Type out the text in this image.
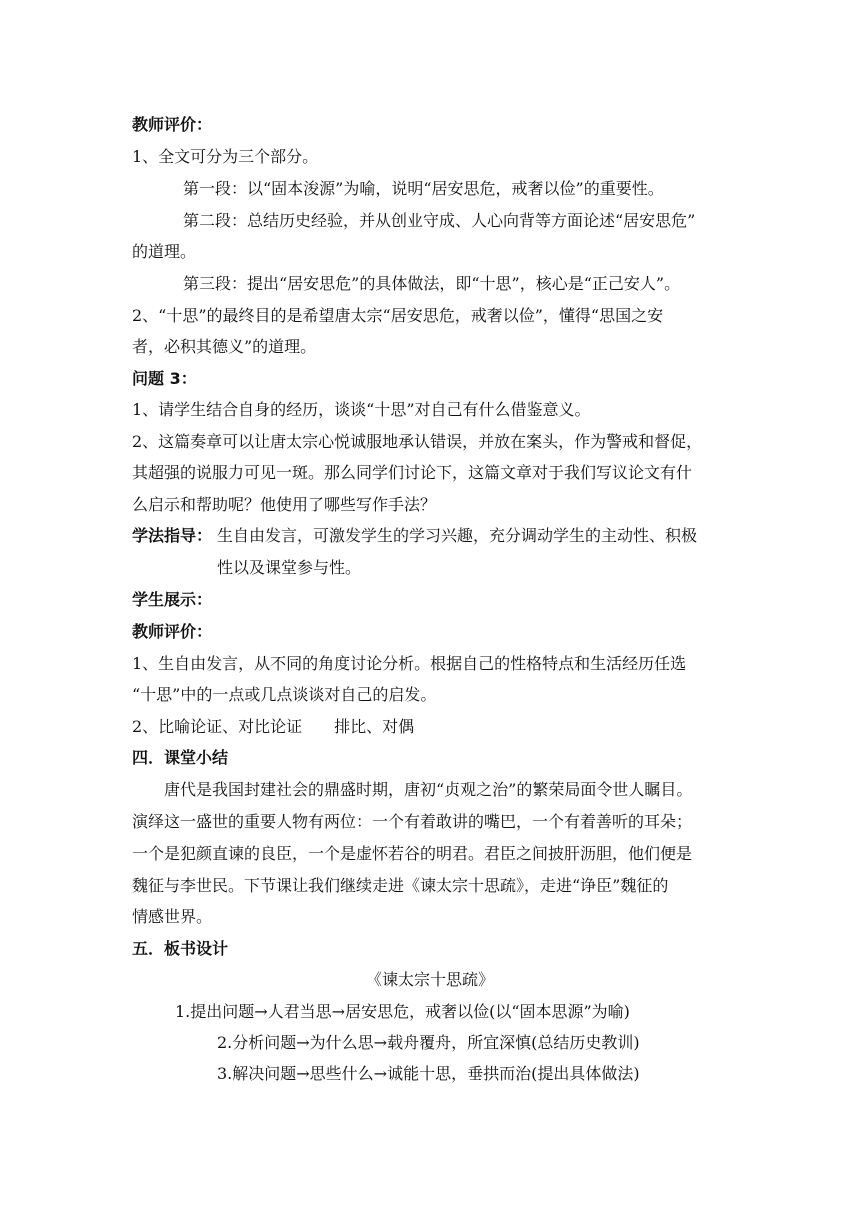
教师评价：
1、全文可分为三个部分。
第一段：以“固本浚源”为喻，说明“居安思危，戒奢以俭”的重要性。
第二段：总结历史经验，并从创业守成、人心向背等方面论述“居安思危”
的道理。
第三段：提出“居安思危”的具体做法，即“十思”，核心是“正己安人”。
2、“十思”的最终目的是希望唐太宗“居安思危，戒奢以俭”，懂得“思国之安
者，必积其德义”的道理。
问题 3：
1、请学生结合自身的经历，谈谈“十思”对自己有什么借鉴意义。
2、这篇奏章可以让唐太宗心悦诚服地承认错误，并放在案头，作为警戒和督促，
其超强的说服力可见一斑。那么同学们讨论下，这篇文章对于我们写议论文有什
么启示和帮助呢？他使用了哪些写作手法？
学法指导： 生自由发言，可激发学生的学习兴趣，充分调动学生的主动性、积极
性以及课堂参与性。
学生展示：
教师评价：
1、生自由发言，从不同的角度讨论分析。根据自己的性格特点和生活经历任选
“十思”中的一点或几点谈谈对自己的启发。
2、比喻论证、对比论证　　排比、对偶
四．课堂小结
唐代是我国封建社会的鼎盛时期，唐初“贞观之治”的繁荣局面令世人瞩目。
演绎这一盛世的重要人物有两位：一个有着敢讲的嘴巴，一个有着善听的耳朵；
一个是犯颜直谏的良臣，一个是虚怀若谷的明君。君臣之间披肝沥胆，他们便是
魏征与李世民。下节课让我们继续走进《谏太宗十思疏》，走进“诤臣”魏征的
情感世界。
五．板书设计
《谏太宗十思疏》
1.提出问题→人君当思→居安思危，戒奢以俭(以“固本思源”为喻)
2.分析问题→为什么思→载舟覆舟，所宜深慎(总结历史教训)
3.解决问题→思些什么→诚能十思，垂拱而治(提出具体做法)
